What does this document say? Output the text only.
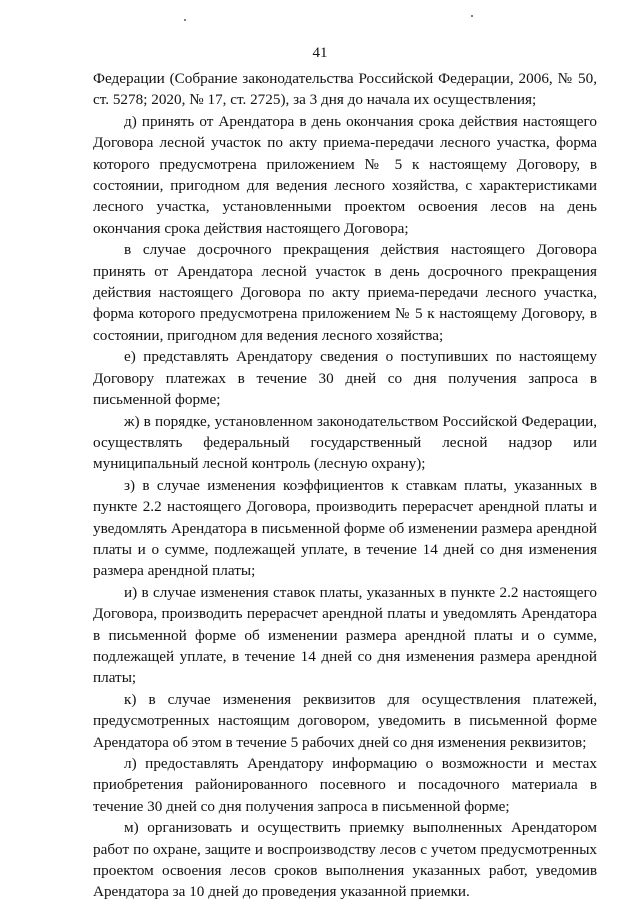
41

Федерации (Собрание законодательства Российской Федерации, 2006, № 50, ст. 5278; 2020, № 17, ст. 2725), за 3 дня до начала их осуществления;

д) принять от Арендатора в день окончания срока действия настоящего Договора лесной участок по акту приема-передачи лесного участка, форма которого предусмотрена приложением № 5 к настоящему Договору, в состоянии, пригодном для ведения лесного хозяйства, с характеристиками лесного участка, установленными проектом освоения лесов на день окончания срока действия настоящего Договора;

в случае досрочного прекращения действия настоящего Договора принять от Арендатора лесной участок в день досрочного прекращения действия настоящего Договора по акту приема-передачи лесного участка, форма которого предусмотрена приложением № 5 к настоящему Договору, в состоянии, пригодном для ведения лесного хозяйства;

е) представлять Арендатору сведения о поступивших по настоящему Договору платежах в течение 30 дней со дня получения запроса в письменной форме;

ж) в порядке, установленном законодательством Российской Федерации, осуществлять федеральный государственный лесной надзор или муниципальный лесной контроль (лесную охрану);

з) в случае изменения коэффициентов к ставкам платы, указанных в пункте 2.2 настоящего Договора, производить перерасчет арендной платы и уведомлять Арендатора в письменной форме об изменении размера арендной платы и о сумме, подлежащей уплате, в течение 14 дней со дня изменения размера арендной платы;

и) в случае изменения ставок платы, указанных в пункте 2.2 настоящего Договора, производить перерасчет арендной платы и уведомлять Арендатора в письменной форме об изменении размера арендной платы и о сумме, подлежащей уплате, в течение 14 дней со дня изменения размера арендной платы;

к) в случае изменения реквизитов для осуществления платежей, предусмотренных настоящим договором, уведомить в письменной форме Арендатора об этом в течение 5 рабочих дней со дня изменения реквизитов;

л) предоставлять Арендатору информацию о возможности и местах приобретения районированного посевного и посадочного материала в течение 30 дней со дня получения запроса в письменной форме;

м) организовать и осуществить приемку выполненных Арендатором работ по охране, защите и воспроизводству лесов с учетом предусмотренных проектом освоения лесов сроков выполнения указанных работ, уведомив Арендатора за 10 дней до проведения указанной приемки.
